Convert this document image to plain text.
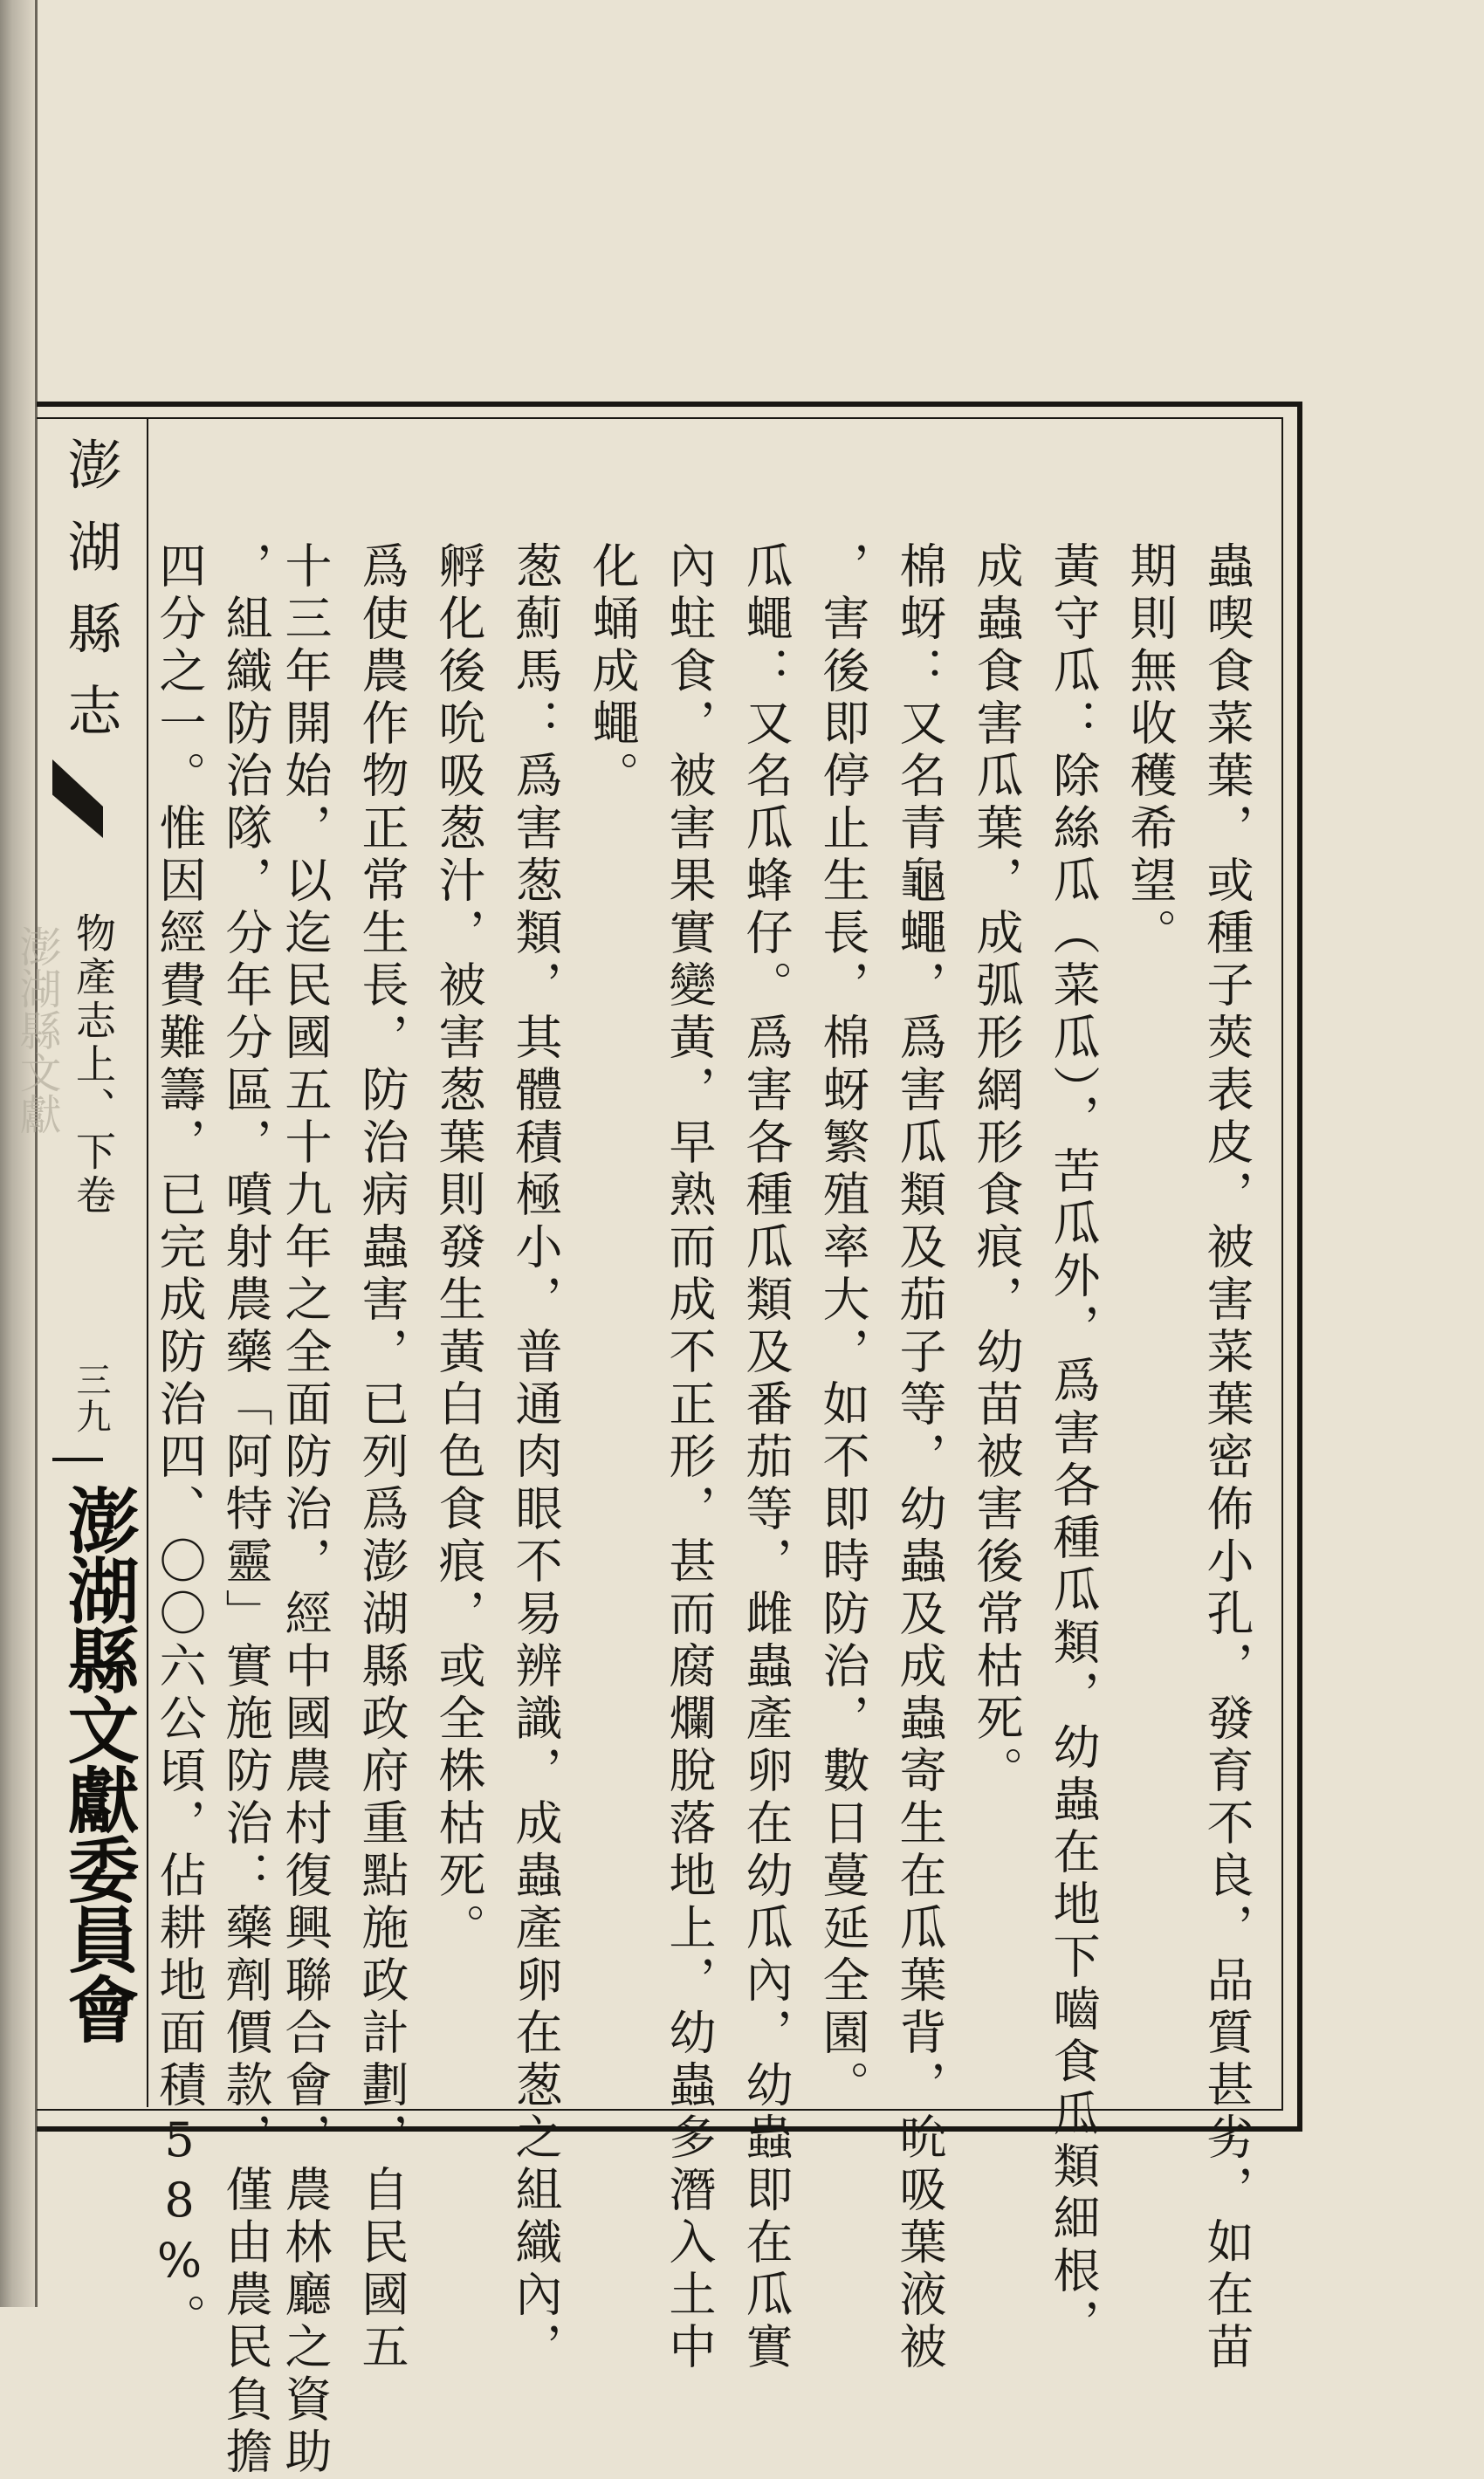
澎湖縣文獻
澎湖縣志
物產志上、下卷
三九
澎湖縣文獻委員會	蟲喫食菜葉，或種子莢表皮，被害菜葉密佈小孔，發育不良，品質甚劣，如在苗
期則無收穫希望。
黃守瓜：除絲瓜（菜瓜），苦瓜外，爲害各種瓜類，幼蟲在地下嚙食瓜類細根，
成蟲食害瓜葉，成弧形網形食痕，幼苗被害後常枯死。
棉蚜：又名青龜蠅，爲害瓜類及茄子等，幼蟲及成蟲寄生在瓜葉背，吮吸葉液被
，害後即停止生長，棉蚜繁殖率大，如不即時防治，數日蔓延全園。
瓜蠅：又名瓜蜂仔。爲害各種瓜類及番茄等，雌蟲產卵在幼瓜內，幼蟲即在瓜實
內蛀食，被害果實變黃，早熟而成不正形，甚而腐爛脫落地上，幼蟲多潛入土中
化蛹成蠅。
葱薊馬：爲害葱類，其體積極小，普通肉眼不易辨識，成蟲產卵在葱之組織內，
孵化後吮吸葱汁，被害葱葉則發生黃白色食痕，或全株枯死。
爲使農作物正常生長，防治病蟲害，已列爲澎湖縣政府重點施政計劃，自民國五
十三年開始，以迄民國五十九年之全面防治，經中國農村復興聯合會，農林廳之資助
，組織防治隊，分年分區，噴射農藥「阿特靈」實施防治：藥劑價款，僅由農民負擔
四分之一。惟因經費難籌，已完成防治四、〇〇六公頃，佔耕地面積58%。
